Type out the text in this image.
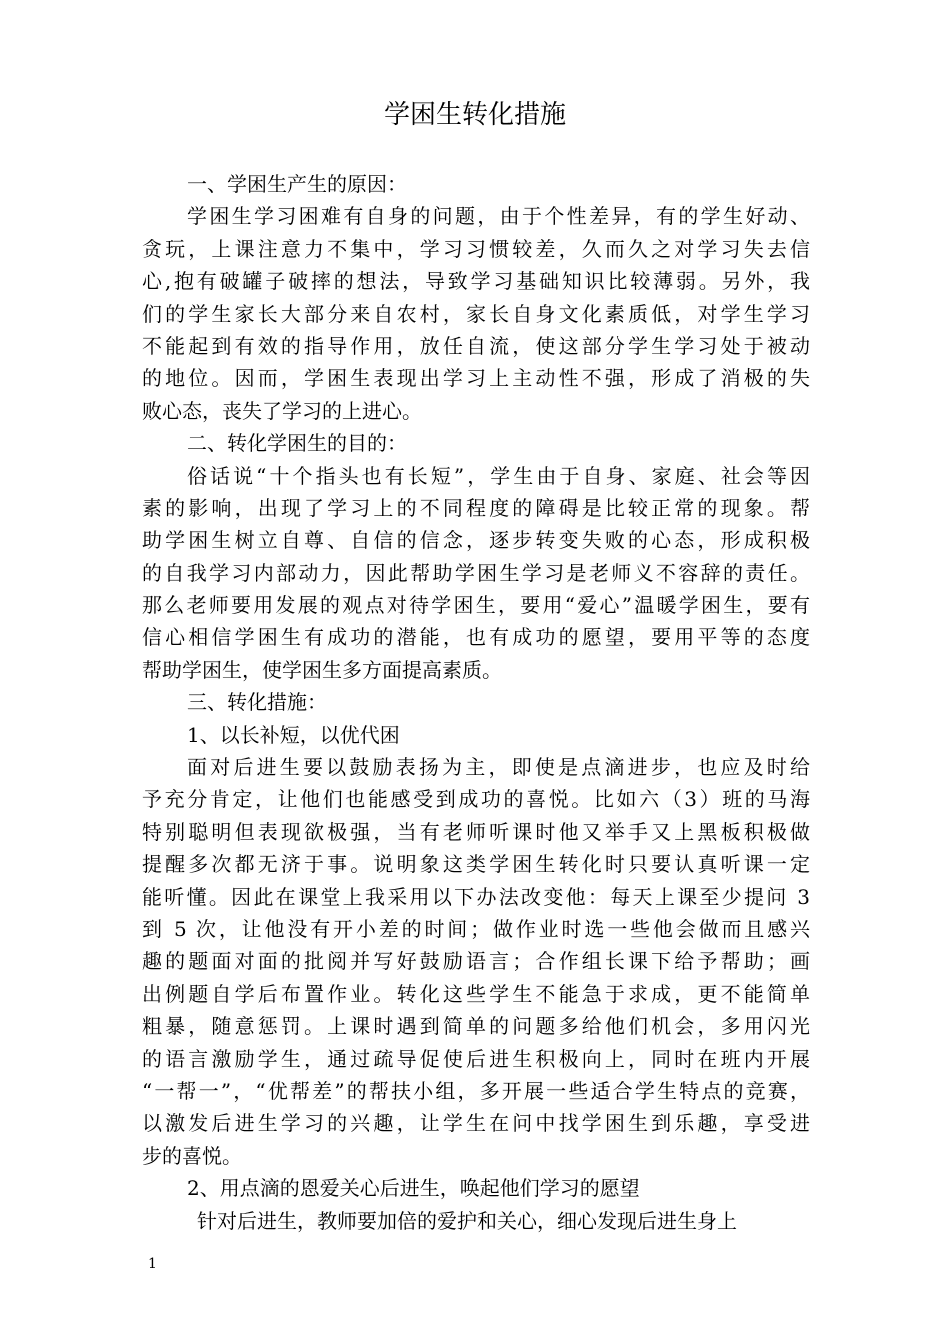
学困生转化措施
一、学困生产生的原因：
学困生学习困难有自身的问题，由于个性差异，有的学生好动、
贪玩，上课注意力不集中，学习习惯较差，久而久之对学习失去信
心,抱有破罐子破摔的想法，导致学习基础知识比较薄弱。另外，我
们的学生家长大部分来自农村，家长自身文化素质低，对学生学习
不能起到有效的指导作用，放任自流，使这部分学生学习处于被动
的地位。因而，学困生表现出学习上主动性不强，形成了消极的失
败心态，丧失了学习的上进心。
二、转化学困生的目的：
俗话说“十个指头也有长短”，学生由于自身、家庭、社会等因
素的影响，出现了学习上的不同程度的障碍是比较正常的现象。帮
助学困生树立自尊、自信的信念，逐步转变失败的心态，形成积极
的自我学习内部动力，因此帮助学困生学习是老师义不容辞的责任。
那么老师要用发展的观点对待学困生，要用“爱心”温暖学困生，要有
信心相信学困生有成功的潜能，也有成功的愿望，要用平等的态度
帮助学困生，使学困生多方面提高素质。
三、转化措施：
1、以长补短，以优代困
面对后进生要以鼓励表扬为主，即使是点滴进步，也应及时给
予充分肯定，让他们也能感受到成功的喜悦。比如六（3）班的马海
特别聪明但表现欲极强，当有老师听课时他又举手又上黑板积极做
提醒多次都无济于事。说明象这类学困生转化时只要认真听课一定
能听懂。因此在课堂上我采用以下办法改变他：每天上课至少提问 3
到 5 次，让他没有开小差的时间；做作业时选一些他会做而且感兴
趣的题面对面的批阅并写好鼓励语言；合作组长课下给予帮助；画
出例题自学后布置作业。转化这些学生不能急于求成，更不能简单
粗暴，随意惩罚。上课时遇到简单的问题多给他们机会，多用闪光
的语言激励学生，通过疏导促使后进生积极向上，同时在班内开展
“一帮一”，“优帮差”的帮扶小组，多开展一些适合学生特点的竞赛，
以激发后进生学习的兴趣，让学生在问中找学困生到乐趣，享受进
步的喜悦。
2、用点滴的恩爱关心后进生，唤起他们学习的愿望
针对后进生，教师要加倍的爱护和关心，细心发现后进生身上
1
